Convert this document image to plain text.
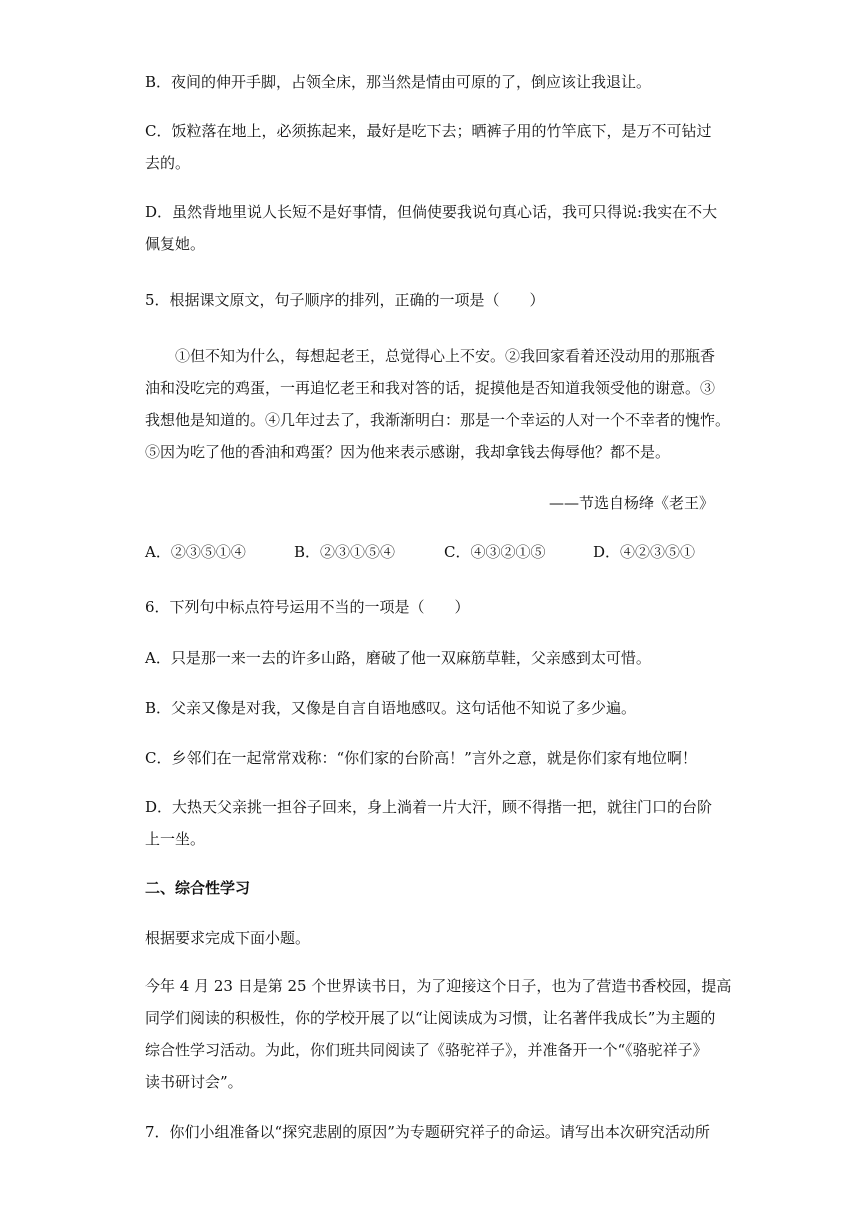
B．夜间的伸开手脚，占领全床，那当然是情由可原的了，倒应该让我退让。
C．饭粒落在地上，必须拣起来，最好是吃下去；晒裤子用的竹竿底下，是万不可钻过
去的。
D．虽然背地里说人长短不是好事情，但倘使要我说句真心话，我可只得说:我实在不大
佩复她。
5．根据课文原文，句子顺序的排列，正确的一项是（　　）
①但不知为什么，每想起老王，总觉得心上不安。②我回家看着还没动用的那瓶香
油和没吃完的鸡蛋，一再追忆老王和我对答的话，捉摸他是否知道我领受他的谢意。③
我想他是知道的。④几年过去了，我渐渐明白：那是一个幸运的人对一个不幸者的愧怍。
⑤因为吃了他的香油和鸡蛋？因为他来表示感谢，我却拿钱去侮辱他？都不是。
——节选自杨绛《老王》
A．②③⑤①④	B．②③①⑤④	C．④③②①⑤	D．④②③⑤①
6．下列句中标点符号运用不当的一项是（　　）
A．只是那一来一去的许多山路，磨破了他一双麻筋草鞋，父亲感到太可惜。
B．父亲又像是对我，又像是自言自语地感叹。这句话他不知说了多少遍。
C．乡邻们在一起常常戏称：“你们家的台阶高！”言外之意，就是你们家有地位啊！
D．大热天父亲挑一担谷子回来，身上淌着一片大汗，顾不得揩一把，就往门口的台阶
上一坐。
二、综合性学习
根据要求完成下面小题。
今年 4 月 23 日是第 25 个世界读书日，为了迎接这个日子，也为了营造书香校园，提高
同学们阅读的积极性，你的学校开展了以“让阅读成为习惯，让名著伴我成长”为主题的
综合性学习活动。为此，你们班共同阅读了《骆驼祥子》，并准备开一个“《骆驼祥子》
读书研讨会”。
7．你们小组准备以“探究悲剧的原因”为专题研究祥子的命运。请写出本次研究活动所
